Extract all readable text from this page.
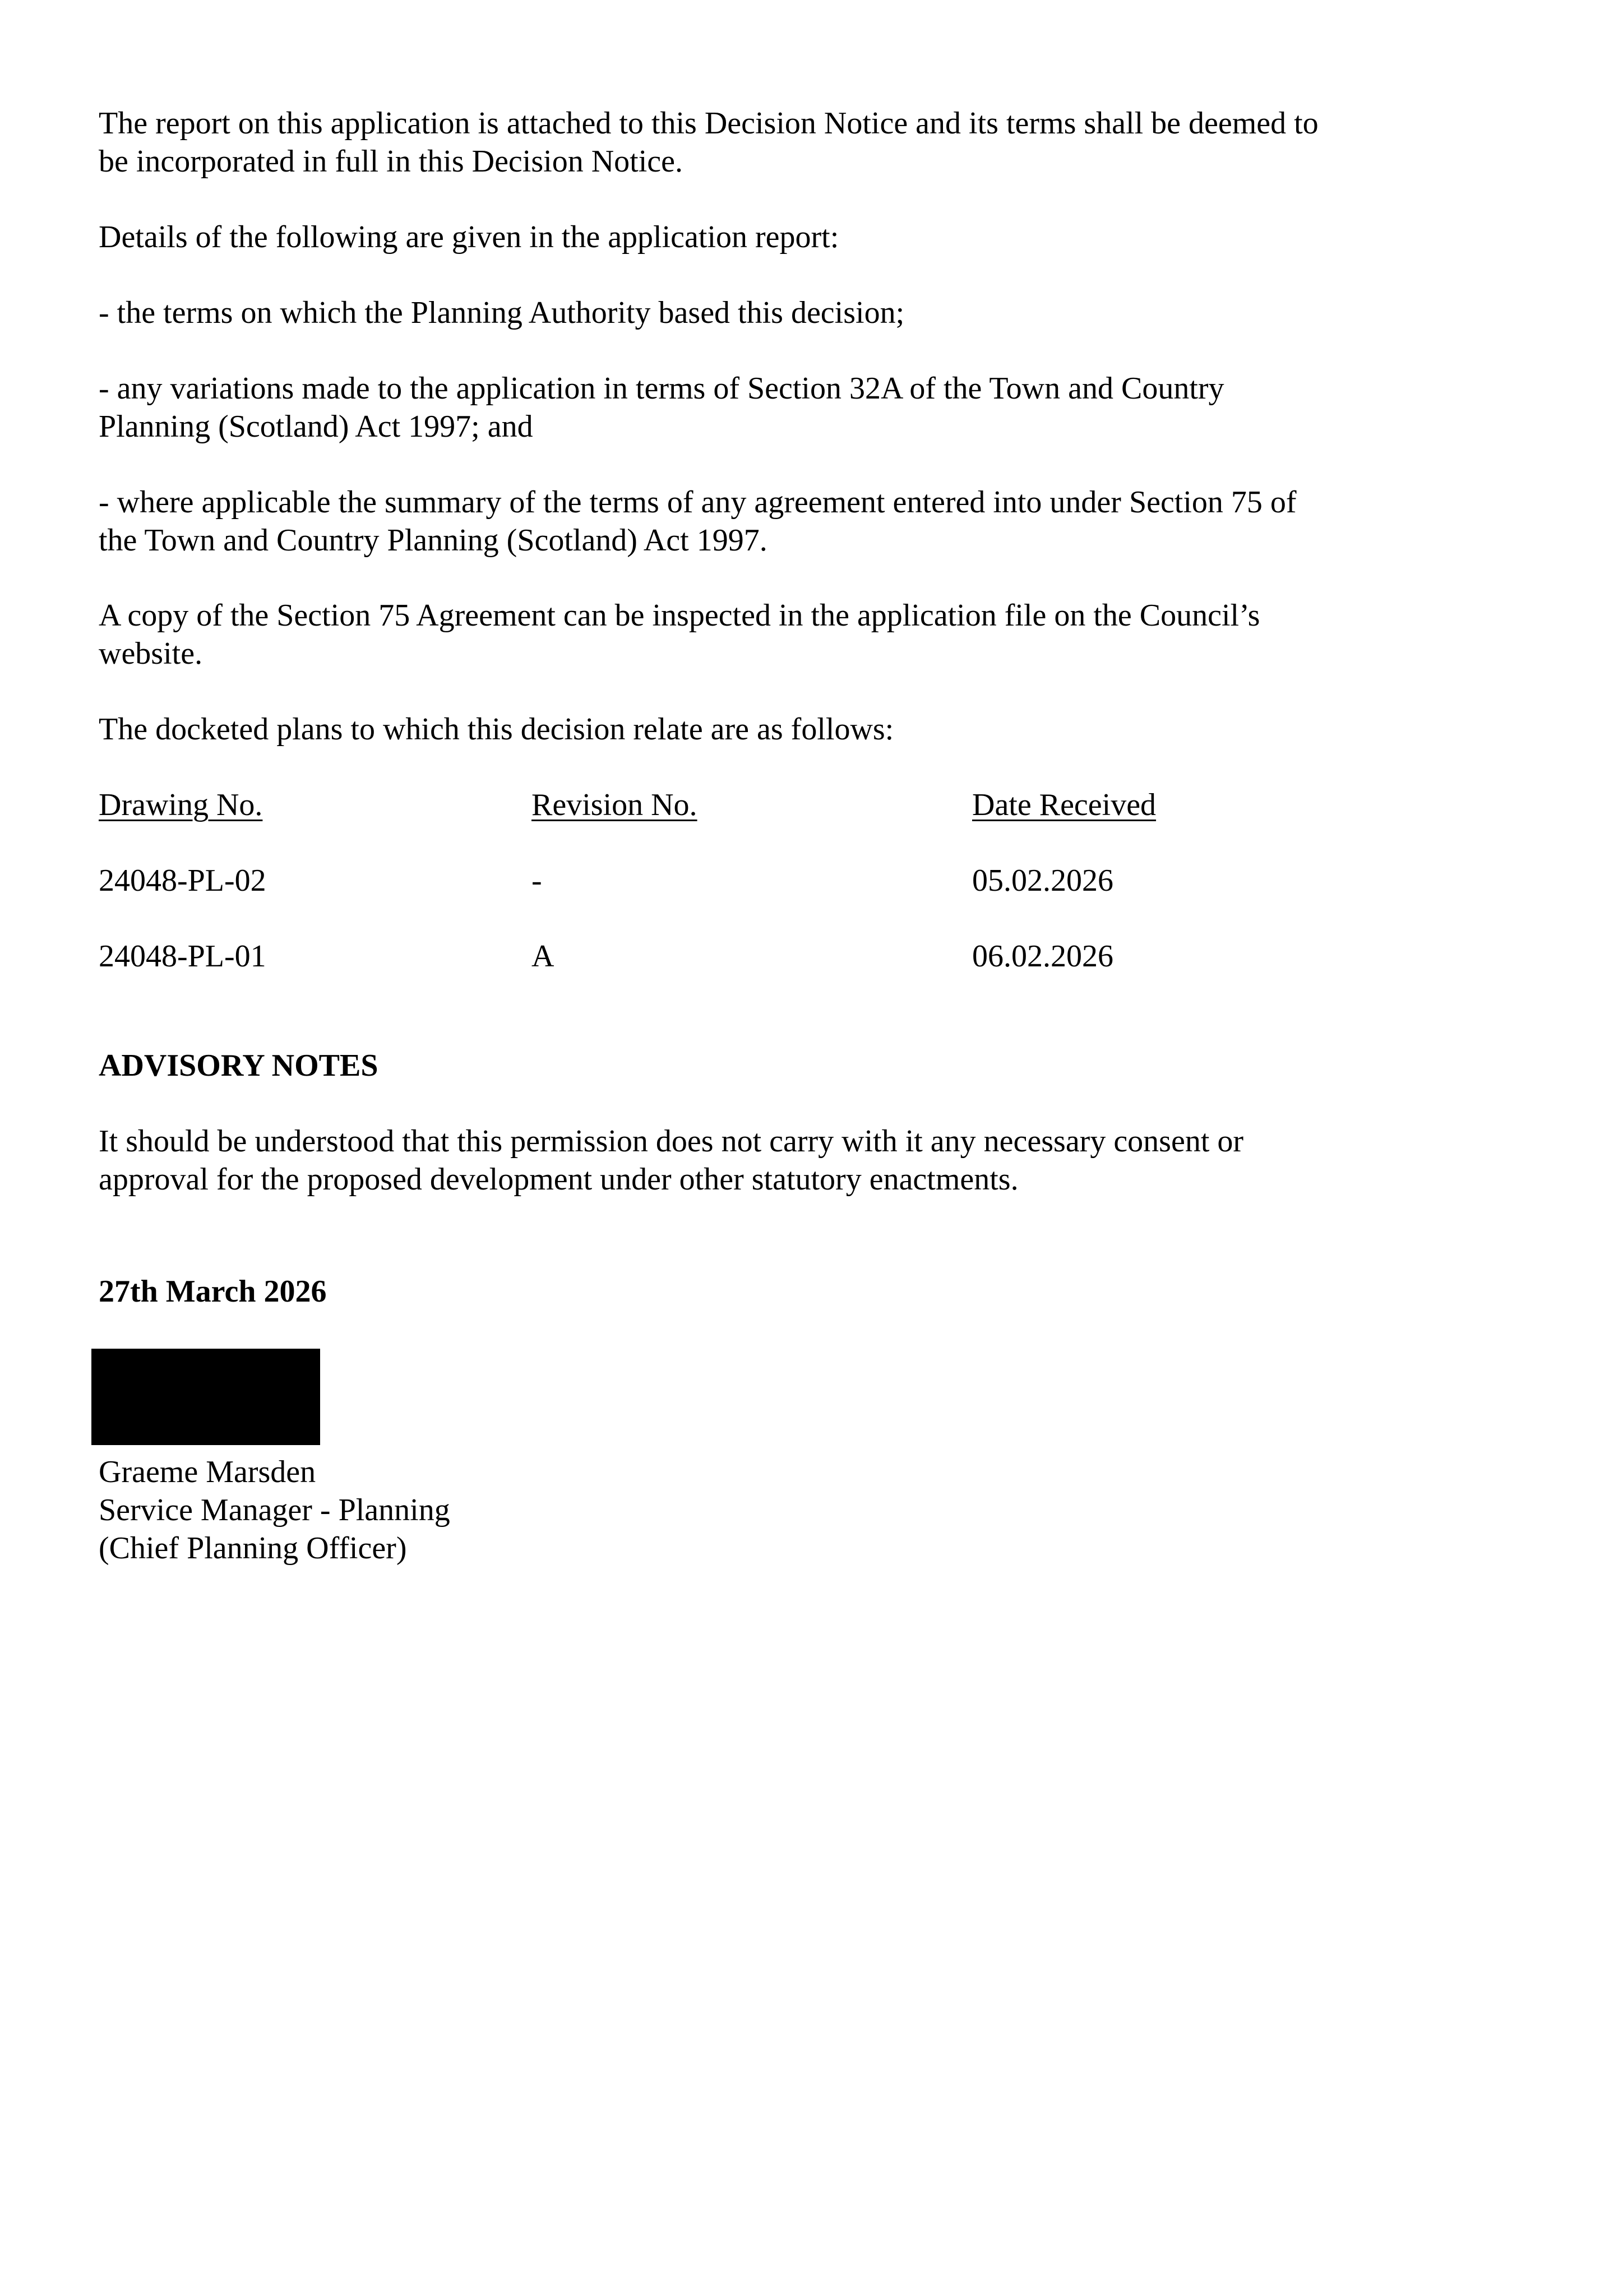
The report on this application is attached to this Decision Notice and its terms shall be deemed to

be incorporated in full in this Decision Notice.

Details of the following are given in the application report:

- the terms on which the Planning Authority based this decision;

- any variations made to the application in terms of Section 32A of the Town and Country

Planning (Scotland) Act 1997; and

- where applicable the summary of the terms of any agreement entered into under Section 75 of

the Town and Country Planning (Scotland) Act 1997.

A copy of the Section 75 Agreement can be inspected in the application file on the Council’s

website.

The docketed plans to which this decision relate are as follows:

Drawing No.	Revision No.	Date Received

24048-PL-02	-	05.02.2026

24048-PL-01	A	06.02.2026

ADVISORY NOTES

It should be understood that this permission does not carry with it any necessary consent or

approval for the proposed development under other statutory enactments.

27th March 2026

Graeme Marsden

Service Manager - Planning

(Chief Planning Officer)
